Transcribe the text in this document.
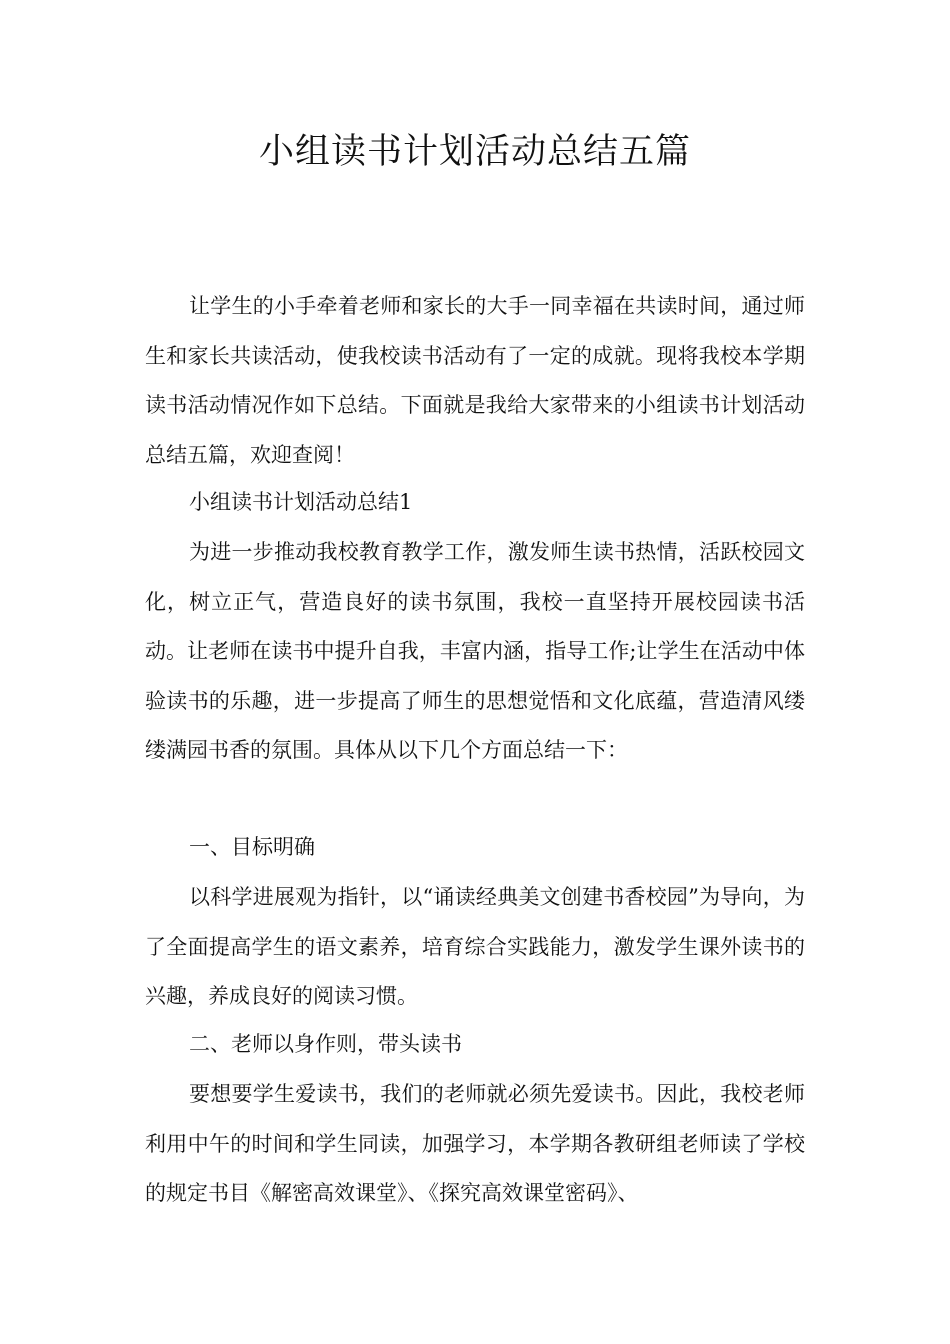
小组读书计划活动总结五篇

让学生的小手牵着老师和家长的大手一同幸福在共读时间，通过师生和家长共读活动，使我校读书活动有了一定的成就。现将我校本学期读书活动情况作如下总结。下面就是我给大家带来的小组读书计划活动总结五篇，欢迎查阅！

小组读书计划活动总结1

为进一步推动我校教育教学工作，激发师生读书热情，活跃校园文化，树立正气，营造良好的读书氛围，我校一直坚持开展校园读书活动。让老师在读书中提升自我，丰富内涵，指导工作;让学生在活动中体验读书的乐趣，进一步提高了师生的思想觉悟和文化底蕴，营造清风缕缕满园书香的氛围。具体从以下几个方面总结一下：

一、目标明确

以科学进展观为指针，以“诵读经典美文创建书香校园”为导向，为了全面提高学生的语文素养，培育综合实践能力，激发学生课外读书的兴趣，养成良好的阅读习惯。

二、老师以身作则，带头读书

要想要学生爱读书，我们的老师就必须先爱读书。因此，我校老师利用中午的时间和学生同读，加强学习，本学期各教研组老师读了学校的规定书目《解密高效课堂》、《探究高效课堂密码》、
